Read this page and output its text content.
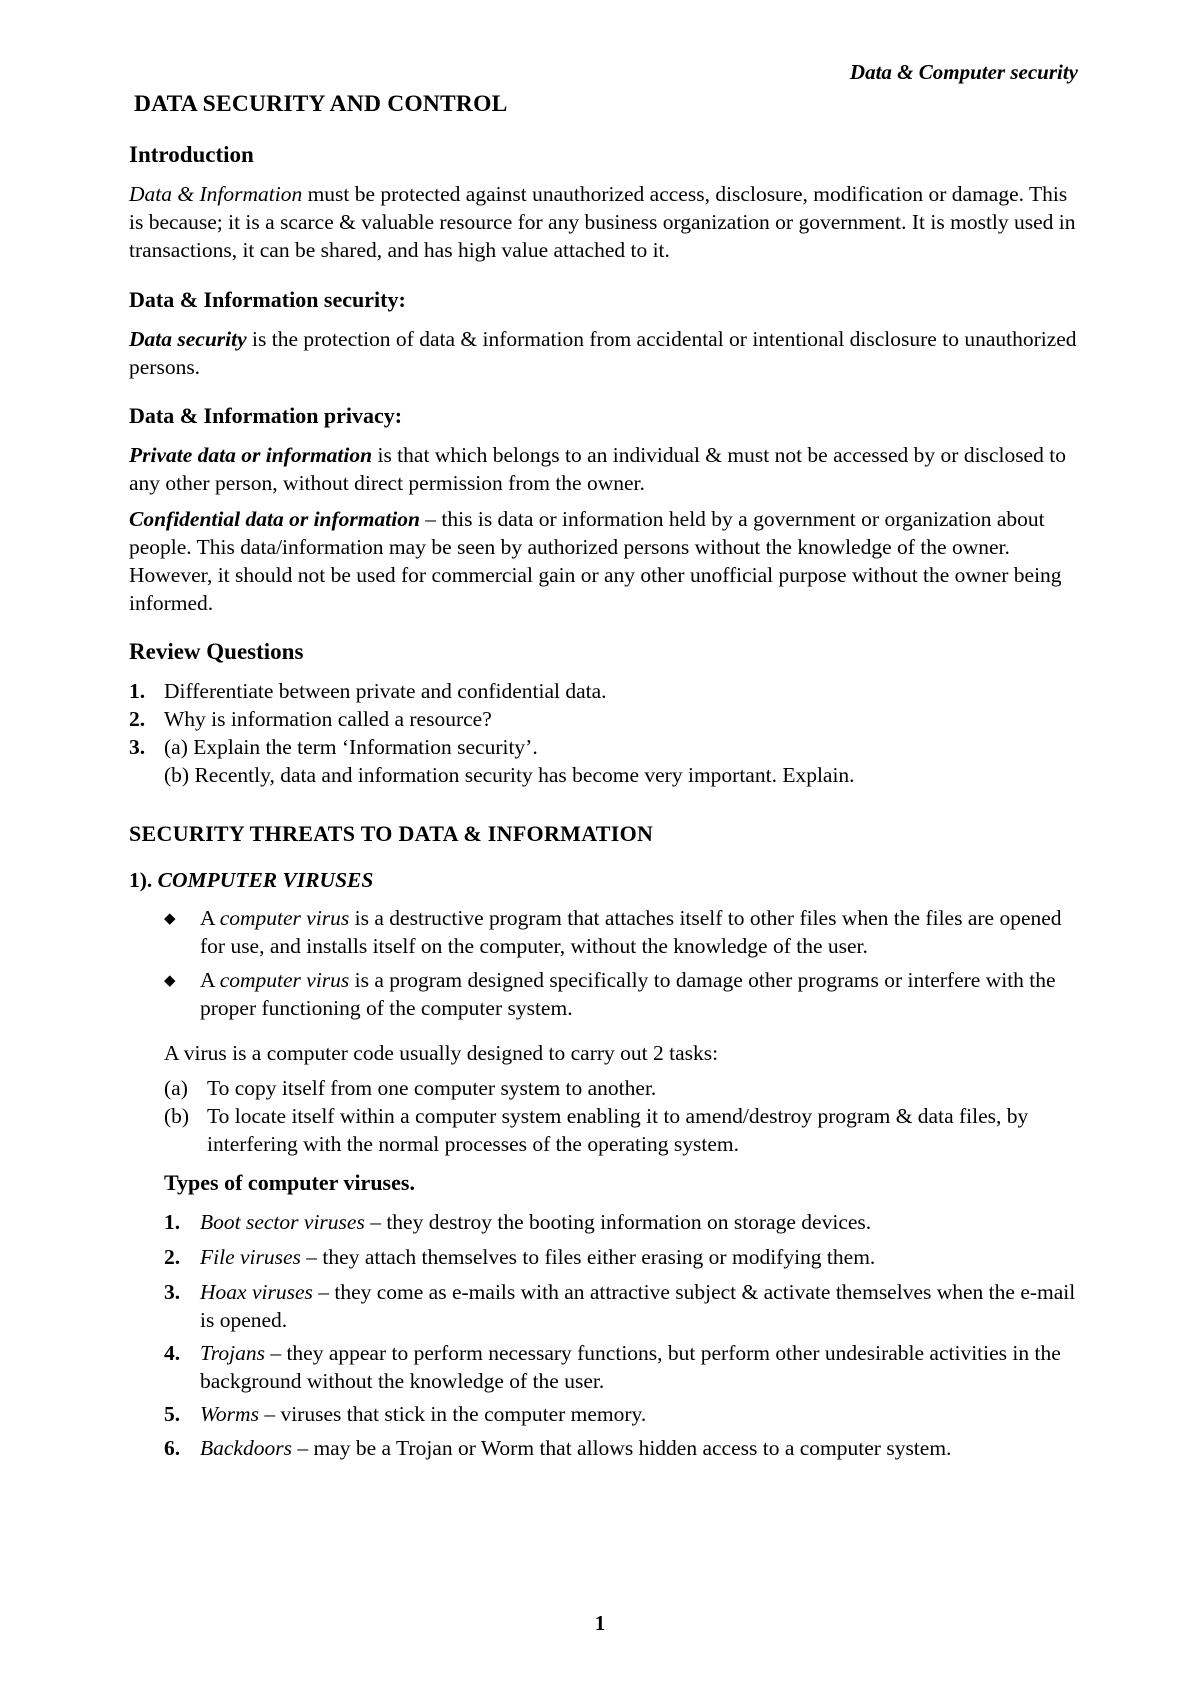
Data & Computer security
DATA SECURITY AND CONTROL
Introduction

Data & Information must be protected against unauthorized access, disclosure, modification or damage. This is because; it is a scarce & valuable resource for any business organization or government. It is mostly used in transactions, it can be shared, and has high value attached to it.

Data & Information security:

Data security is the protection of data & information from accidental or intentional disclosure to unauthorized persons.

Data & Information privacy:

Private data or information is that which belongs to an individual & must not be accessed by or disclosed to any other person, without direct permission from the owner.

Confidential data or information – this is data or information held by a government or organization about people. This data/information may be seen by authorized persons without the knowledge of the owner. However, it should not be used for commercial gain or any other unofficial purpose without the owner being informed.

Review Questions
1. Differentiate between private and confidential data.
2. Why is information called a resource?
3. (a) Explain the term ‘Information security’.
(b) Recently, data and information security has become very important. Explain.
SECURITY THREATS TO DATA & INFORMATION
1). COMPUTER VIRUSES
◆ A computer virus is a destructive program that attaches itself to other files when the files are opened for use, and installs itself on the computer, without the knowledge of the user.
◆ A computer virus is a program designed specifically to damage other programs or interfere with the proper functioning of the computer system.
A virus is a computer code usually designed to carry out 2 tasks:
(a) To copy itself from one computer system to another.
(b) To locate itself within a computer system enabling it to amend/destroy program & data files, by interfering with the normal processes of the operating system.
Types of computer viruses.
1. Boot sector viruses – they destroy the booting information on storage devices.
2. File viruses – they attach themselves to files either erasing or modifying them.
3. Hoax viruses – they come as e-mails with an attractive subject & activate themselves when the e-mail is opened.
4. Trojans – they appear to perform necessary functions, but perform other undesirable activities in the background without the knowledge of the user.
5. Worms – viruses that stick in the computer memory.
6. Backdoors – may be a Trojan or Worm that allows hidden access to a computer system.
1
